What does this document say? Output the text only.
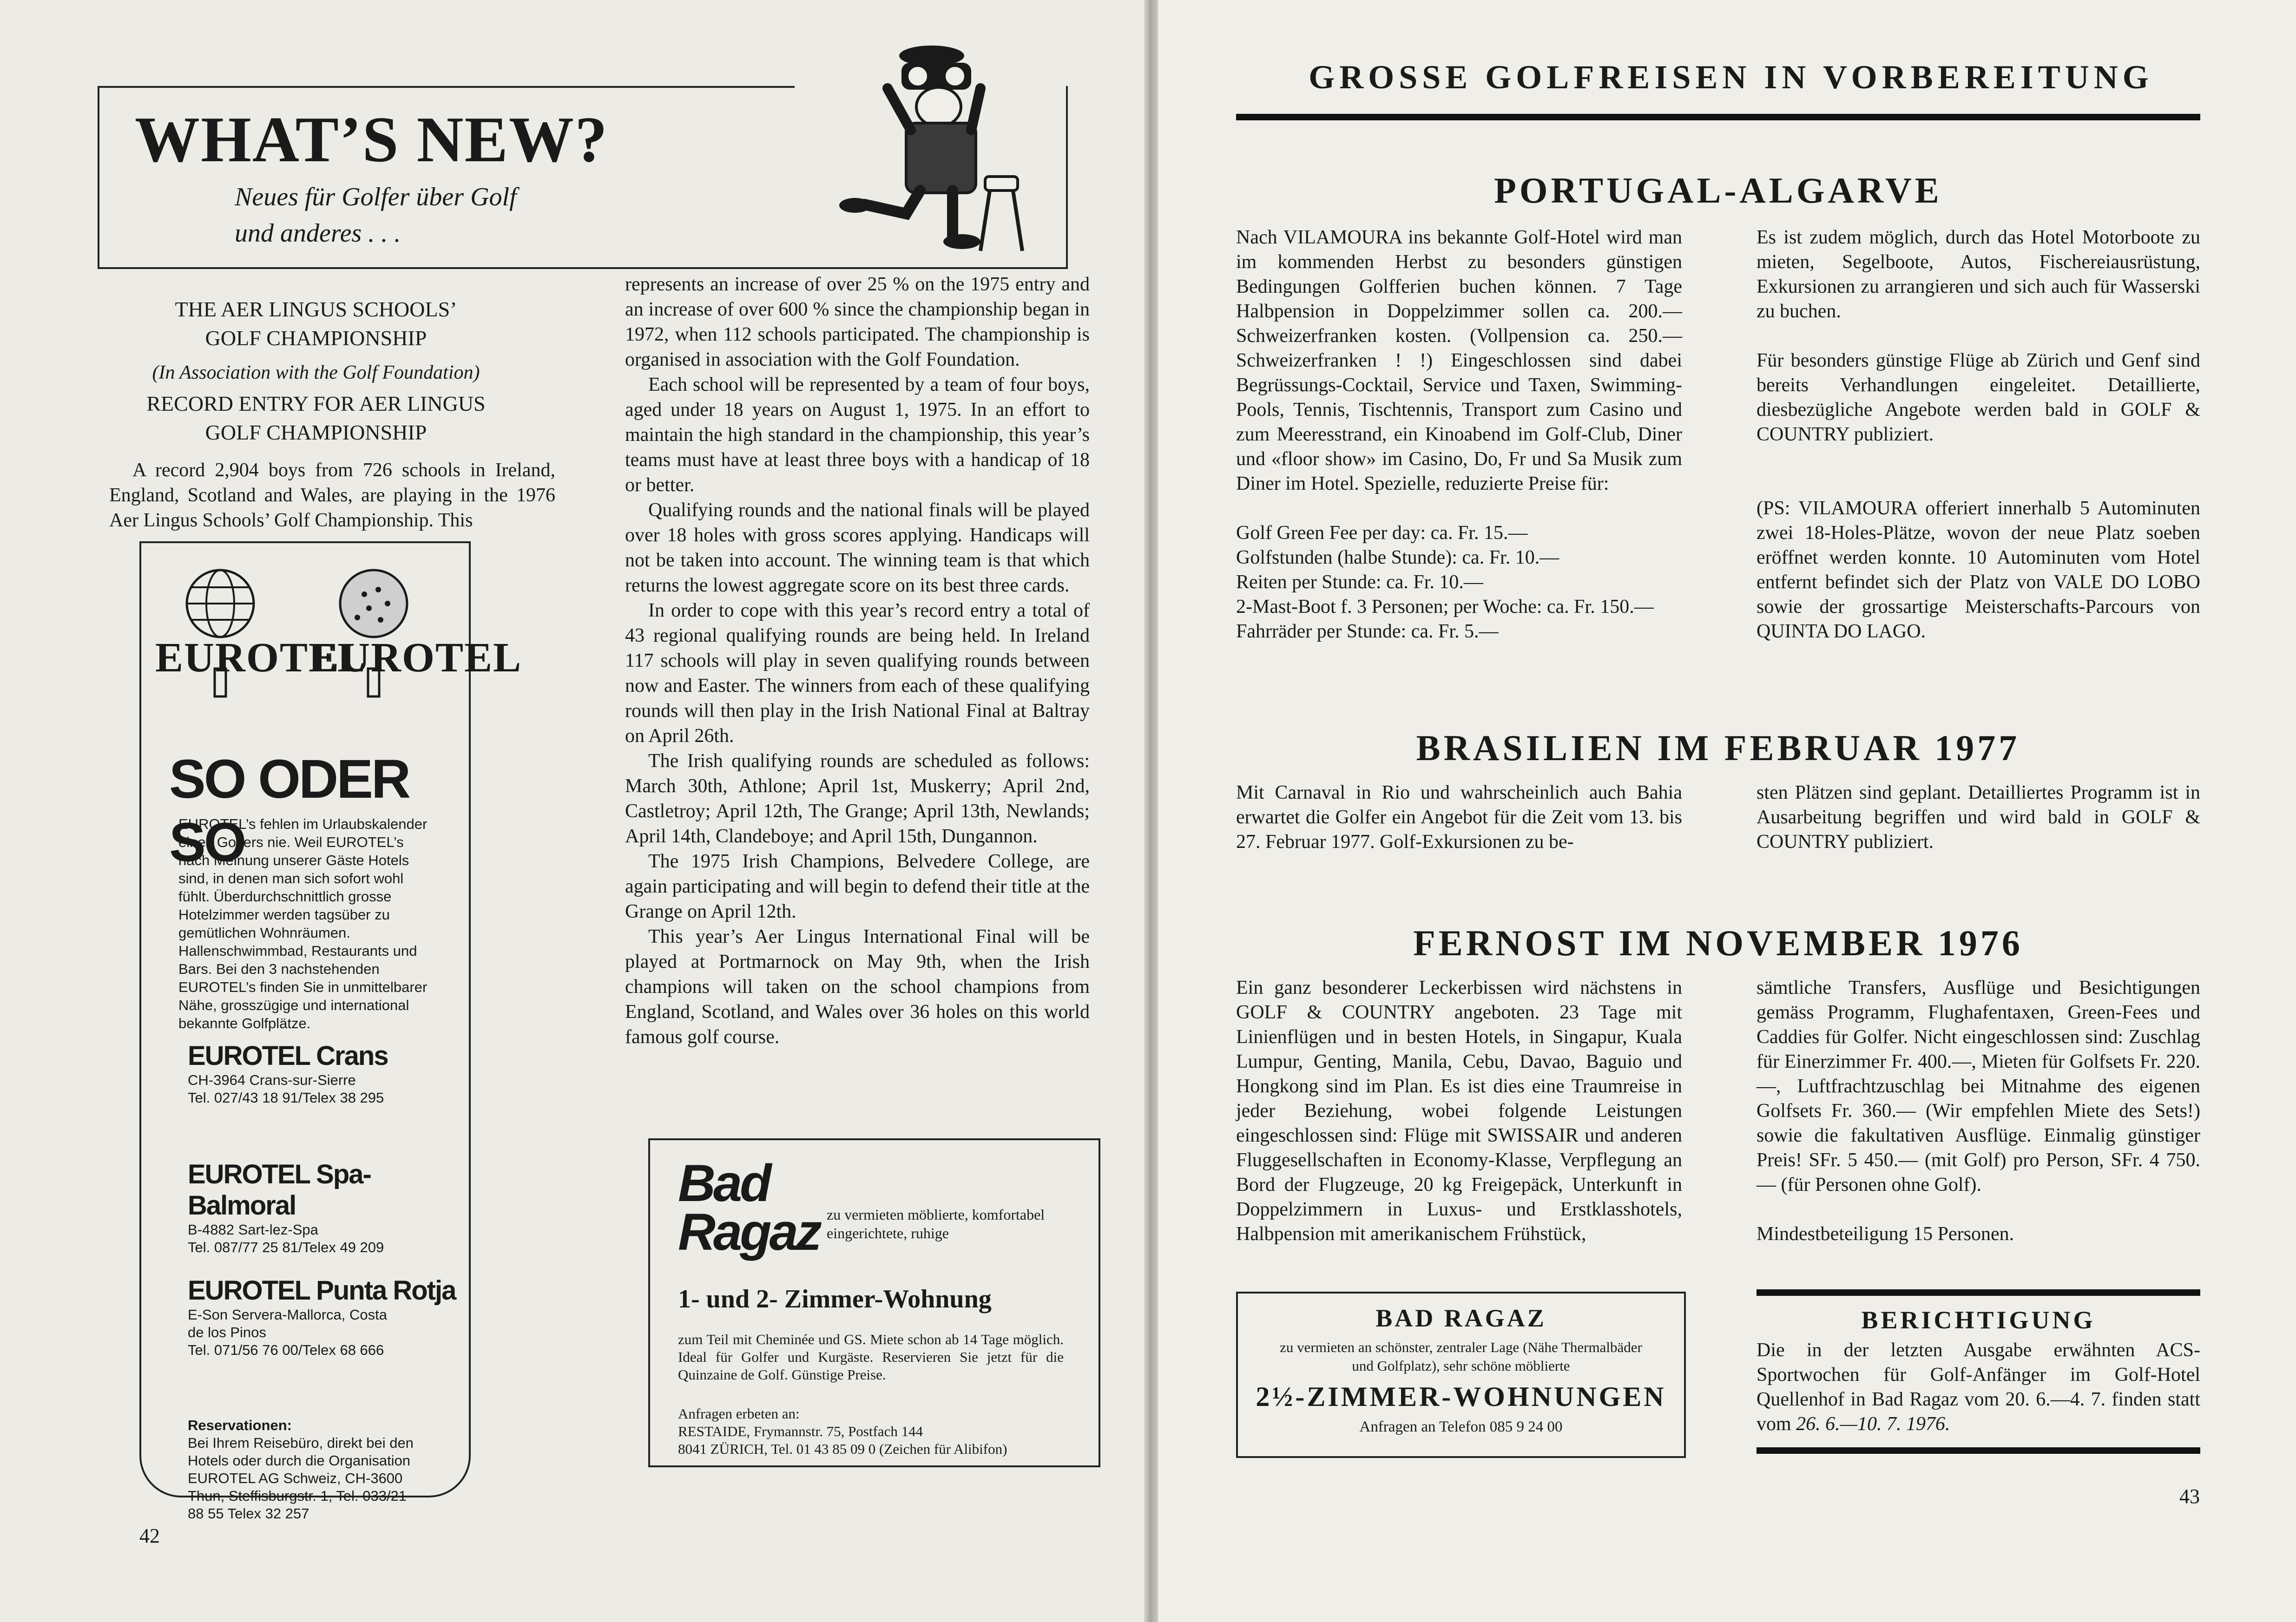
WHAT’S NEW?
Neues für Golfer über Golf
und anderes . . .
THE AER LINGUS SCHOOLS’
GOLF CHAMPIONSHIP
(In Association with the Golf Foundation)
RECORD ENTRY FOR AER LINGUS
GOLF CHAMPIONSHIP
A record 2,904 boys from 726 schools in Ireland, England, Scotland and Wales, are playing in the 1976 Aer Lingus Schools’ Golf Championship. This

represents an increase of over 25 % on the 1975 entry and an increase of over 600 % since the championship began in 1972, when 112 schools participated. The championship is organised in association with the Golf Foundation.

Each school will be represented by a team of four boys, aged under 18 years on August 1, 1975. In an effort to maintain the high standard in the championship, this year’s teams must have at least three boys with a handicap of 18 or better.

Qualifying rounds and the national finals will be played over 18 holes with gross scores applying. Handicaps will not be taken into account. The winning team is that which returns the lowest aggregate score on its best three cards.

In order to cope with this year’s record entry a total of 43 regional qualifying rounds are being held. In Ireland 117 schools will play in seven qualifying rounds between now and Easter. The winners from each of these qualifying rounds will then play in the Irish National Final at Baltray on April 26th.

The Irish qualifying rounds are scheduled as follows: March 30th, Athlone; April 1st, Muskerry; April 2nd, Castletroy; April 12th, The Grange; April 13th, Newlands; April 14th, Clandeboye; and April 15th, Dungannon.

The 1975 Irish Champions, Belvedere College, are again participating and will begin to defend their title at the Grange on April 12th.

This year’s Aer Lingus International Final will be played at Portmarnock on May 9th, when the Irish champions will taken on the school champions from England, Scotland, and Wales over 36 holes on this world famous golf course.

EUROTEL
EUROTEL
SO ODER SO
EUROTEL’s fehlen im Urlaubskalender eines Golfers nie. Weil EUROTEL’s nach Meinung unserer Gäste Hotels sind, in denen man sich sofort wohl fühlt. Überdurchschnittlich grosse Hotelzimmer werden tagsüber zu gemütlichen Wohnräumen. Hallenschwimmbad, Restaurants und Bars. Bei den 3 nachstehenden EUROTEL’s finden Sie in unmittelbarer Nähe, grosszügige und international bekannte Golfplätze.
EUROTEL Crans
CH-3964 Crans-sur-Sierre
Tel. 027/43 18 91/Telex 38 295
EUROTEL Spa-Balmoral
B-4882 Sart-lez-Spa
Tel. 087/77 25 81/Telex 49 209
EUROTEL Punta Rotja
E-Son Servera-Mallorca, Costa de los Pinos
Tel. 071/56 76 00/Telex 68 666
Reservationen:
Bei Ihrem Reisebüro, direkt bei den Hotels oder durch die Organisation EUROTEL AG Schweiz, CH-3600 Thun, Steffisburgstr. 1, Tel. 033/21 88 55 Telex 32 257
Bad
Ragaz zu vermieten möblierte, komfortabel eingerichtete, ruhige
1- und 2- Zimmer-Wohnung
zum Teil mit Cheminée und GS. Miete schon ab 14 Tage möglich. Ideal für Golfer und Kurgäste. Reservieren Sie jetzt für die Quinzaine de Golf. Günstige Preise.
Anfragen erbeten an:
RESTAIDE, Frymannstr. 75, Postfach 144
8041 ZÜRICH, Tel. 01 43 85 09 0 (Zeichen für Alibifon)
42
GROSSE GOLFREISEN IN VORBEREITUNG
PORTUGAL-ALGARVE
Nach VILAMOURA ins bekannte Golf-Hotel wird man im kommenden Herbst zu besonders günstigen Bedingungen Golfferien buchen können. 7 Tage Halbpension in Doppelzimmer sollen ca. 200.— Schweizerfranken kosten. (Vollpension ca. 250.— Schweizerfranken ! !) Eingeschlossen sind dabei Begrüssungs-Cocktail, Service und Taxen, Swimming-Pools, Tennis, Tischtennis, Transport zum Casino und zum Meeresstrand, ein Kinoabend im Golf-Club, Diner und «floor show» im Casino, Do, Fr und Sa Musik zum Diner im Hotel. Spezielle, reduzierte Preise für:
Golf Green Fee per day: ca. Fr. 15.—
Golfstunden (halbe Stunde): ca. Fr. 10.—
Reiten per Stunde: ca. Fr. 10.—
2-Mast-Boot f. 3 Personen; per Woche: ca. Fr. 150.—
Fahrräder per Stunde: ca. Fr. 5.—

Es ist zudem möglich, durch das Hotel Motorboote zu mieten, Segelboote, Autos, Fischereiausrüstung, Exkursionen zu arrangieren und sich auch für Wasserski zu buchen.

Für besonders günstige Flüge ab Zürich und Genf sind bereits Verhandlungen eingeleitet. Detaillierte, diesbezügliche Angebote werden bald in GOLF & COUNTRY publiziert.

(PS: VILAMOURA offeriert innerhalb 5 Autominuten zwei 18-Holes-Plätze, wovon der neue Platz soeben eröffnet werden konnte. 10 Autominuten vom Hotel entfernt befindet sich der Platz von VALE DO LOBO sowie der grossartige Meisterschafts-Parcours von QUINTA DO LAGO.

BRASILIEN IM FEBRUAR 1977
Mit Carnaval in Rio und wahrscheinlich auch Bahia erwartet die Golfer ein Angebot für die Zeit vom 13. bis 27. Februar 1977. Golf-Exkursionen zu be-
sten Plätzen sind geplant. Detailliertes Programm ist in Ausarbeitung begriffen und wird bald in GOLF & COUNTRY publiziert.
FERNOST IM NOVEMBER 1976
Ein ganz besonderer Leckerbissen wird nächstens in GOLF & COUNTRY angeboten. 23 Tage mit Linienflügen und in besten Hotels, in Singapur, Kuala Lumpur, Genting, Manila, Cebu, Davao, Baguio und Hongkong sind im Plan. Es ist dies eine Traumreise in jeder Beziehung, wobei folgende Leistungen eingeschlossen sind: Flüge mit SWISSAIR und anderen Fluggesellschaften in Economy-Klasse, Verpflegung an Bord der Flugzeuge, 20 kg Freigepäck, Unterkunft in Doppelzimmern in Luxus- und Erstklasshotels, Halbpension mit amerikanischem Frühstück,
sämtliche Transfers, Ausflüge und Besichtigungen gemäss Programm, Flughafentaxen, Green-Fees und Caddies für Golfer. Nicht eingeschlossen sind: Zuschlag für Einerzimmer Fr. 400.—, Mieten für Golfsets Fr. 220.—, Luftfrachtzuschlag bei Mitnahme des eigenen Golfsets Fr. 360.— (Wir empfehlen Miete des Sets!) sowie die fakultativen Ausflüge. Einmalig günstiger Preis! SFr. 5 450.— (mit Golf) pro Person, SFr. 4 750.— (für Personen ohne Golf).
Mindestbeteiligung 15 Personen.
BAD RAGAZ
zu vermieten an schönster, zentraler Lage (Nähe Thermalbäder und Golfplatz), sehr schöne möblierte
2½-ZIMMER-WOHNUNGEN
Anfragen an Telefon 085 9 24 00
BERICHTIGUNG
Die in der letzten Ausgabe erwähnten ACS-Sportwochen für Golf-Anfänger im Golf-Hotel Quellenhof in Bad Ragaz vom 20. 6.—4. 7. finden statt vom 26. 6.—10. 7. 1976.
43
